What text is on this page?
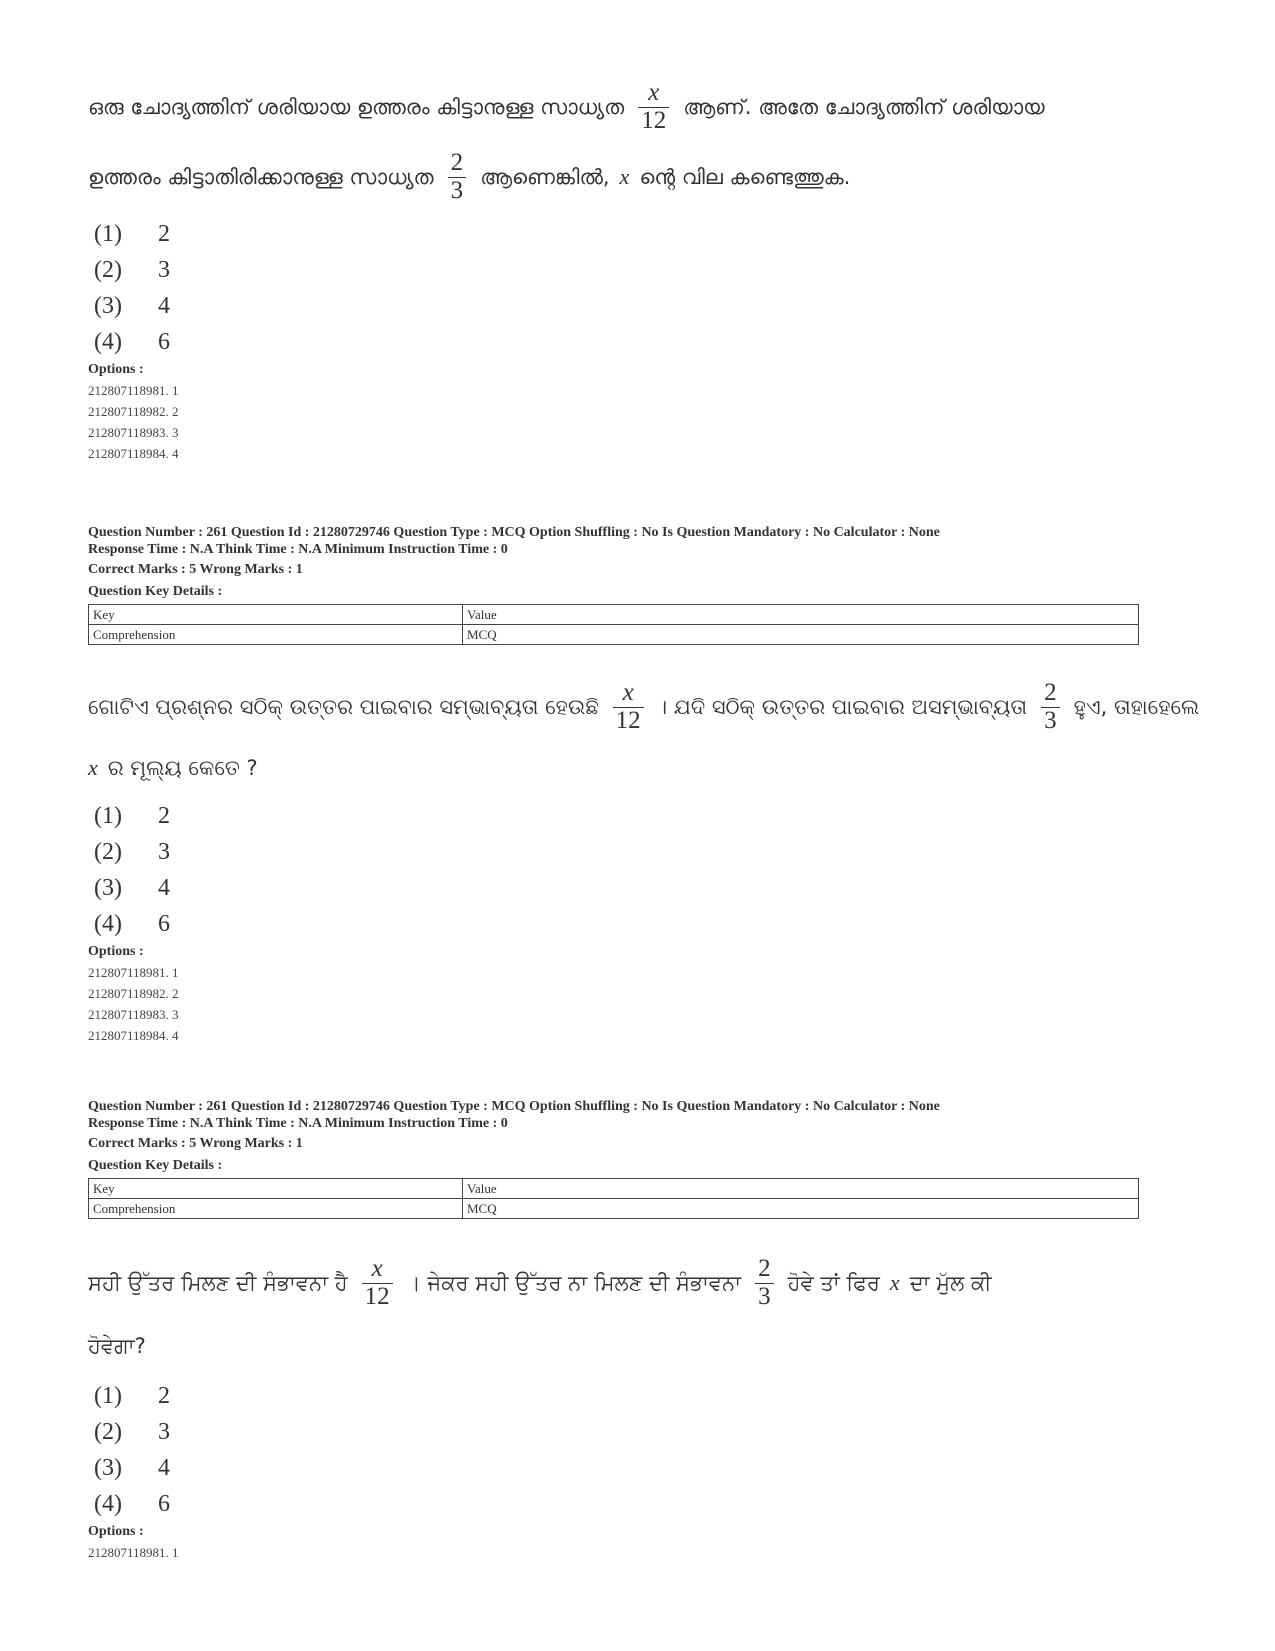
ഒരു ചോദ്യത്തിന് ശരിയായ ഉത്തരം കിട്ടാനുള്ള സാധ്യത $\frac{x}{12}$ ആണ്. അതേ ചോദ്യത്തിന് ശരിയായ
ഉത്തരം കിട്ടാതിരിക്കാനുള്ള സാധ്യത $\frac{2}{3}$ ആണെങ്കിൽ, x ന്റെ വില കണ്ടെത്തുക.
(1)	2
(2)	3
(3)	4
(4)	6
Options :
212807118981. 1
212807118982. 2
212807118983. 3
212807118984. 4
Question Number : 261 Question Id : 21280729746 Question Type : MCQ Option Shuffling : No Is Question Mandatory : No Calculator : None
Response Time : N.A Think Time : N.A Minimum Instruction Time : 0
Correct Marks : 5 Wrong Marks : 1
Question Key Details :
Key	Value
Comprehension	MCQ
ଗୋଟିଏ ପ୍ରଶ୍ନର ସଠିକ୍ ଉତ୍ତର ପାଇବାର ସମ୍ଭାବ୍ୟତା ହେଉଛି $\frac{x}{12}$ । ଯଦି ସଠିକ୍ ଉତ୍ତର ପାଇବାର ଅସମ୍ଭାବ୍ୟତା $\frac{2}{3}$ ହୁଏ, ତାହାହେଲେ
x ର ମୂଲ୍ୟ କେତେ ?
(1)	2
(2)	3
(3)	4
(4)	6
Options :
212807118981. 1
212807118982. 2
212807118983. 3
212807118984. 4
Question Number : 261 Question Id : 21280729746 Question Type : MCQ Option Shuffling : No Is Question Mandatory : No Calculator : None
Response Time : N.A Think Time : N.A Minimum Instruction Time : 0
Correct Marks : 5 Wrong Marks : 1
Question Key Details :
Key	Value
Comprehension	MCQ
ਸਹੀ ਉੱਤਰ ਮਿਲਣ ਦੀ ਸੰਭਾਵਨਾ ਹੈ $\frac{x}{12}$ । ਜੇਕਰ ਸਹੀ ਉੱਤਰ ਨਾ ਮਿਲਣ ਦੀ ਸੰਭਾਵਨਾ $\frac{2}{3}$ ਹੋਵੇ ਤਾਂ ਫਿਰ x ਦਾ ਮੁੱਲ ਕੀ
ਹੋਵੇਗਾ?
(1)	2
(2)	3
(3)	4
(4)	6
Options :
212807118981. 1
